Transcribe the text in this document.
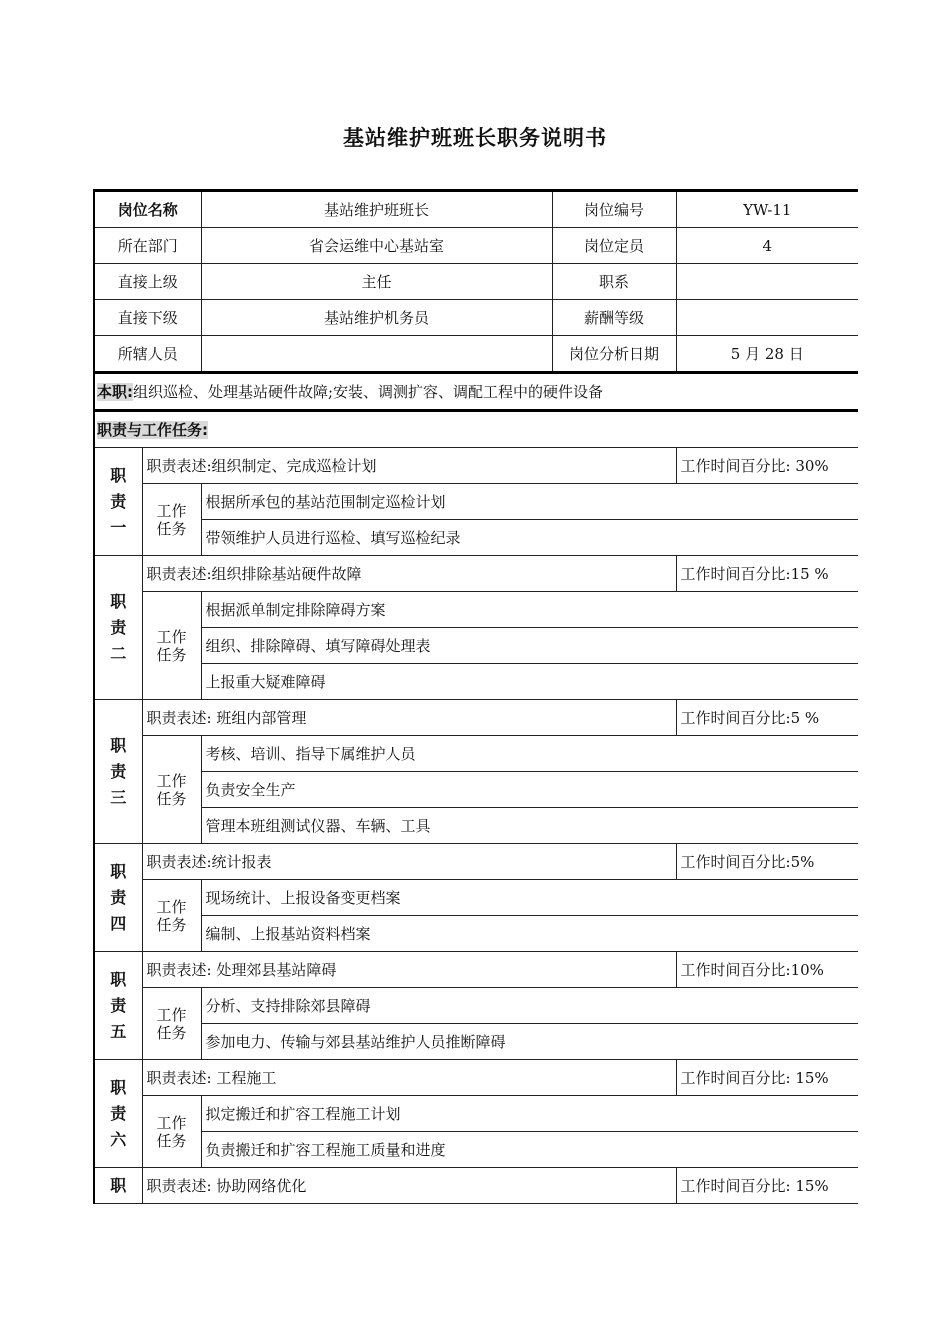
基站维护班班长职务说明书
岗位名称		基站维护班班长	岗位编号	YW-11
所在部门		省会运维中心基站室	岗位定员	4
直接上级		主任	职系	
直接下级		基站维护机务员	薪酬等级	
所辖人员			岗位分析日期	5 月 28 日
本职:组织巡检、处理基站硬件故障;安装、调测扩容、调配工程中的硬件设备				
职责与工作任务:				

职
责
一	职责表述:组织制定、完成巡检计划			工作时间百分比: 30%

	工作
任务	根据所承包的基站范围制定巡检计划		
		带领维护人员进行巡检、填写巡检纪录		

职
责
二	职责表述:组织排除基站硬件故障			工作时间百分比:15 %

	工作
任务	根据派单制定排除障碍方案		
		组织、排除障碍、填写障碍处理表		
		上报重大疑难障碍		

职
责
三	职责表述: 班组内部管理			工作时间百分比:5 %

	工作
任务	考核、培训、指导下属维护人员		
		负责安全生产		
		管理本班组测试仪器、车辆、工具		

职
责
四	职责表述:统计报表			工作时间百分比:5%

	工作
任务	现场统计、上报设备变更档案		
		编制、上报基站资料档案		

职
责
五	职责表述: 处理郊县基站障碍			工作时间百分比:10%

	工作
任务	分析、支持排除郊县障碍		
		参加电力、传输与郊县基站维护人员推断障碍		

职
责
六	职责表述: 工程施工			工作时间百分比: 15%

	工作
任务	拟定搬迁和扩容工程施工计划		
		负责搬迁和扩容工程施工质量和进度		

职	职责表述: 协助网络优化			工作时间百分比: 15%
